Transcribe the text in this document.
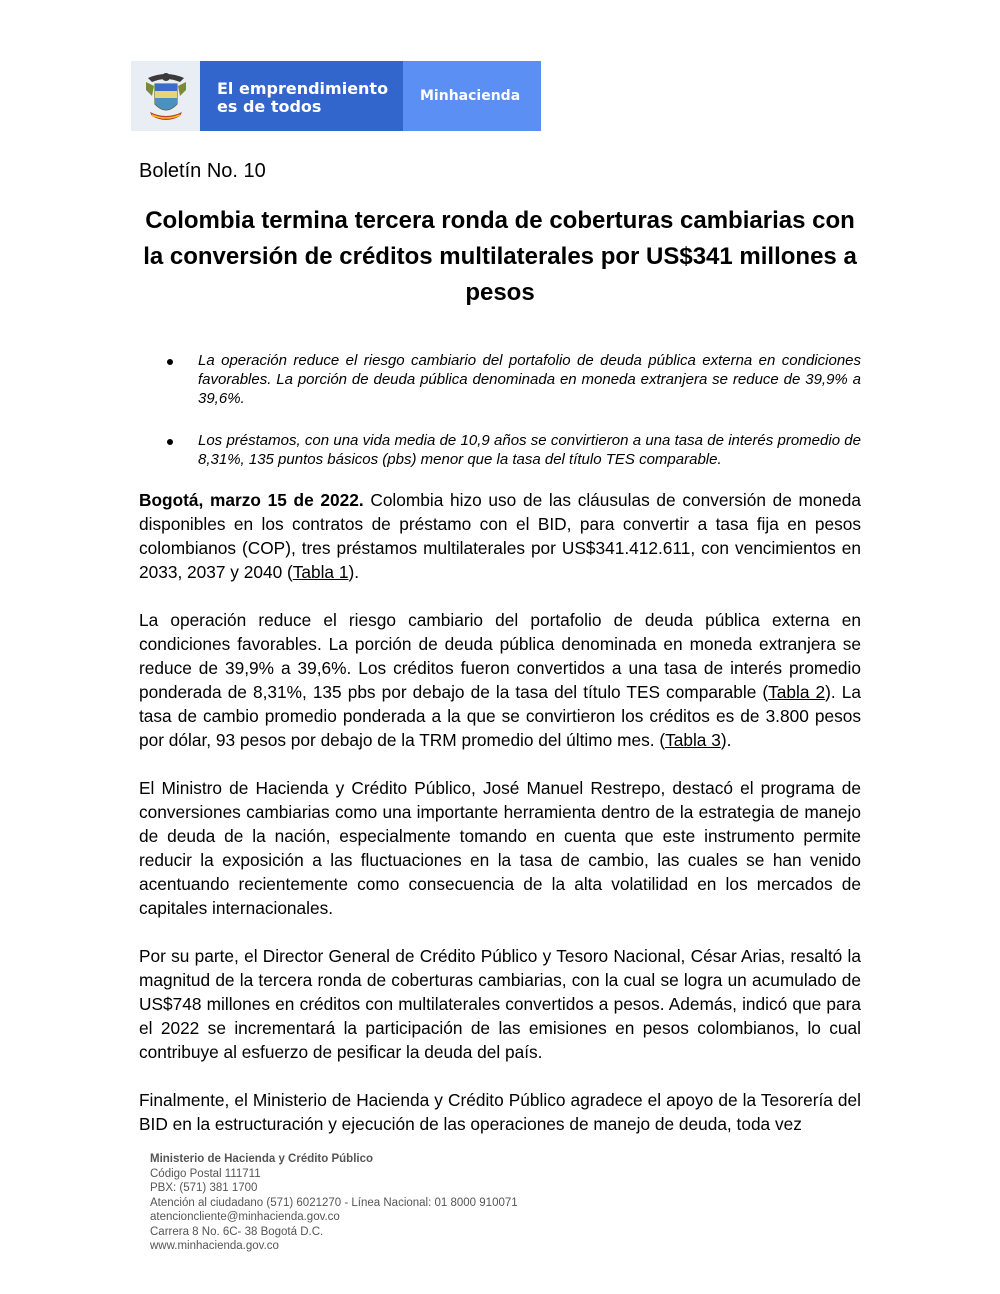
El emprendimiento
es de todos
Minhacienda
Boletín No. 10
Colombia termina tercera ronda de coberturas cambiarias con la conversión de créditos multilaterales por US$341 millones a pesos
La operación reduce el riesgo cambiario del portafolio de deuda pública externa en condiciones favorables. La porción de deuda pública denominada en moneda extranjera se reduce de 39,9% a 39,6%.
Los préstamos, con una vida media de 10,9 años se convirtieron a una tasa de interés promedio de 8,31%, 135 puntos básicos (pbs) menor que la tasa del título TES comparable.

Bogotá, marzo 15 de 2022. Colombia hizo uso de las cláusulas de conversión de moneda disponibles en los contratos de préstamo con el BID, para convertir a tasa fija en pesos colombianos (COP), tres préstamos multilaterales por US$341.412.611, con vencimientos en 2033, 2037 y 2040 (Tabla 1).

La operación reduce el riesgo cambiario del portafolio de deuda pública externa en condiciones favorables. La porción de deuda pública denominada en moneda extranjera se reduce de 39,9% a 39,6%. Los créditos fueron convertidos a una tasa de interés promedio ponderada de 8,31%, 135 pbs por debajo de la tasa del título TES comparable (Tabla 2). La tasa de cambio promedio ponderada a la que se convirtieron los créditos es de 3.800 pesos por dólar, 93 pesos por debajo de la TRM promedio del último mes. (Tabla 3).

El Ministro de Hacienda y Crédito Público, José Manuel Restrepo, destacó el programa de conversiones cambiarias como una importante herramienta dentro de la estrategia de manejo de deuda de la nación, especialmente tomando en cuenta que este instrumento permite reducir la exposición a las fluctuaciones en la tasa de cambio, las cuales se han venido acentuando recientemente como consecuencia de la alta volatilidad en los mercados de capitales internacionales.

Por su parte, el Director General de Crédito Público y Tesoro Nacional, César Arias, resaltó la magnitud de la tercera ronda de coberturas cambiarias, con la cual se logra un acumulado de US$748 millones en créditos con multilaterales convertidos a pesos. Además, indicó que para el 2022 se incrementará la participación de las emisiones en pesos colombianos, lo cual contribuye al esfuerzo de pesificar la deuda del país.

Finalmente, el Ministerio de Hacienda y Crédito Público agradece el apoyo de la Tesorería del BID en la estructuración y ejecución de las operaciones de manejo de deuda, toda vez

Ministerio de Hacienda y Crédito Público
Código Postal 111711
PBX: (571) 381 1700
Atención al ciudadano (571) 6021270 - Línea Nacional: 01 8000 910071
atencioncliente@minhacienda.gov.co
Carrera 8 No. 6C- 38 Bogotá D.C.
www.minhacienda.gov.co
